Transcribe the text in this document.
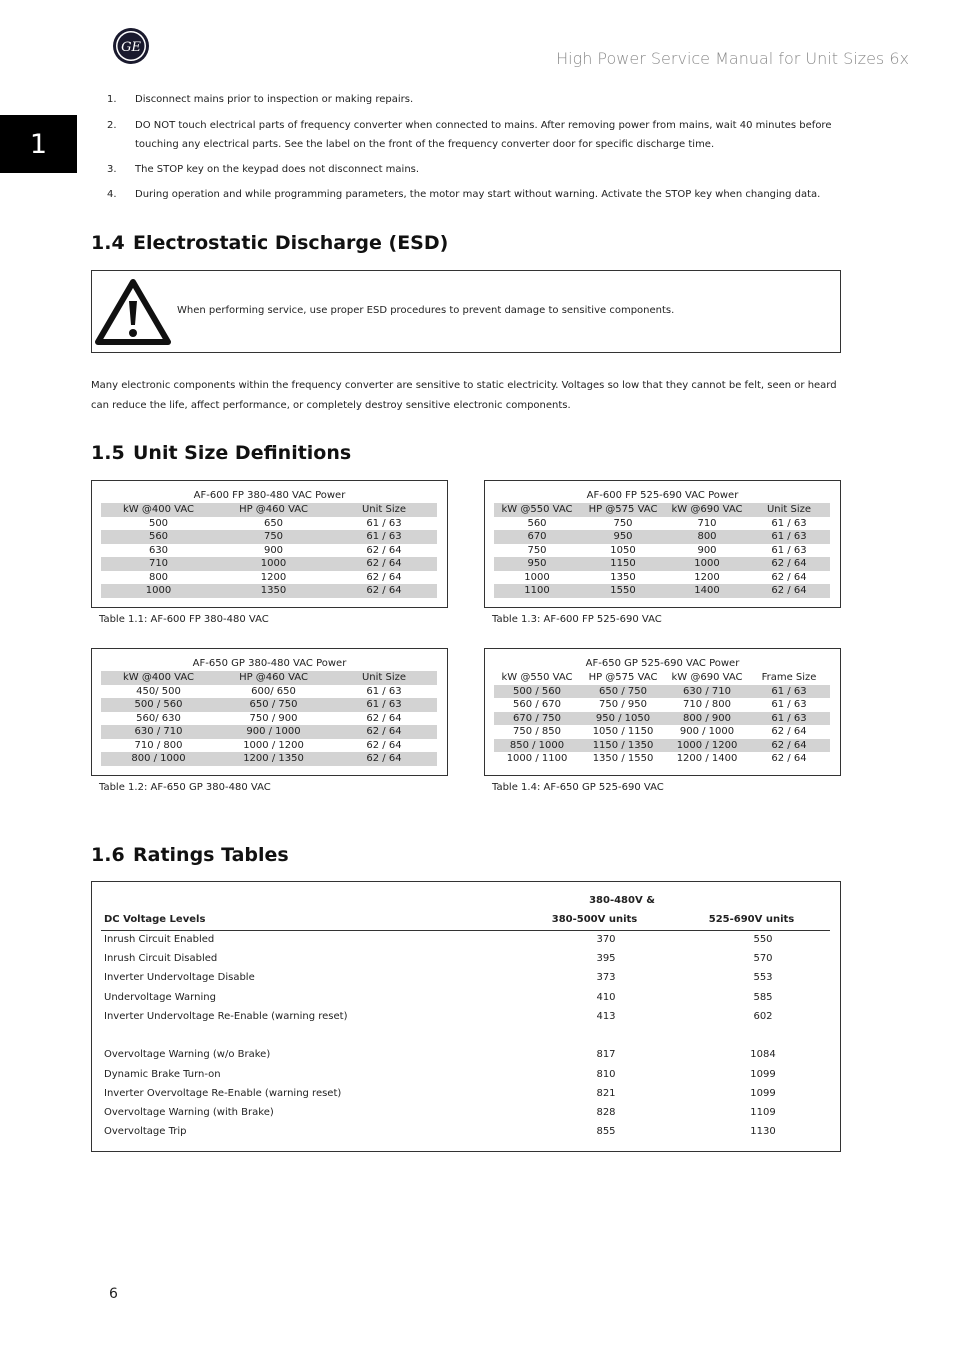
GE
High Power Service Manual for Unit Sizes 6x
1
1. Disconnect mains prior to inspection or making repairs.
2. DO NOT touch electrical parts of frequency converter when connected to mains. After removing power from mains, wait 40 minutes before touching any electrical parts. See the label on the front of the frequency converter door for specific discharge time.
3. The STOP key on the keypad does not disconnect mains.
4. During operation and while programming parameters, the motor may start without warning. Activate the STOP key when changing data.
1.4 Electrostatic Discharge (ESD)
When performing service, use proper ESD procedures to prevent damage to sensitive components.
Many electronic components within the frequency converter are sensitive to static electricity. Voltages so low that they cannot be felt, seen or heard can reduce the life, affect performance, or completely destroy sensitive electronic components.
1.5 Unit Size Definitions
AF-600 FP 380-480 VAC Power
kW @400 VAC	HP @460 VAC	Unit Size
500	650	61 / 63
560	750	61 / 63
630	900	62 / 64
710	1000	62 / 64
800	1200	62 / 64
1000	1350	62 / 64
Table 1.1: AF-600 FP 380-480 VAC
AF-650 GP 380-480 VAC Power
kW @400 VAC	HP @460 VAC	Unit Size
450/ 500	600/ 650	61 / 63
500 / 560	650 / 750	61 / 63
560/ 630	750 / 900	62 / 64
630 / 710	900 / 1000	62 / 64
710 / 800	1000 / 1200	62 / 64
800 / 1000	1200 / 1350	62 / 64
Table 1.2: AF-650 GP 380-480 VAC
AF-600 FP 525-690 VAC Power
kW @550 VAC	HP @575 VAC	kW @690 VAC	Unit Size
560	750	710	61 / 63
670	950	800	61 / 63
750	1050	900	61 / 63
950	1150	1000	62 / 64
1000	1350	1200	62 / 64
1100	1550	1400	62 / 64
Table 1.3: AF-600 FP 525-690 VAC
AF-650 GP 525-690 VAC Power
kW @550 VAC	HP @575 VAC	kW @690 VAC	Frame Size
500 / 560	650 / 750	630 / 710	61 / 63
560 / 670	750 / 950	710 / 800	61 / 63
670 / 750	950 / 1050	800 / 900	61 / 63
750 / 850	1050 / 1150	900 / 1000	62 / 64
850 / 1000	1150 / 1350	1000 / 1200	62 / 64
1000 / 1100	1350 / 1550	1200 / 1400	62 / 64
Table 1.4: AF-650 GP 525-690 VAC
1.6 Ratings Tables
380-480V &
DC Voltage Levels	380-500V units	525-690V units
Inrush Circuit Enabled	370	550
Inrush Circuit Disabled	395	570
Inverter Undervoltage Disable	373	553
Undervoltage Warning	410	585
Inverter Undervoltage Re-Enable (warning reset)	413	602
Overvoltage Warning (w/o Brake)	817	1084
Dynamic Brake Turn-on	810	1099
Inverter Overvoltage Re-Enable (warning reset)	821	1099
Overvoltage Warning (with Brake)	828	1109
Overvoltage Trip	855	1130
6
